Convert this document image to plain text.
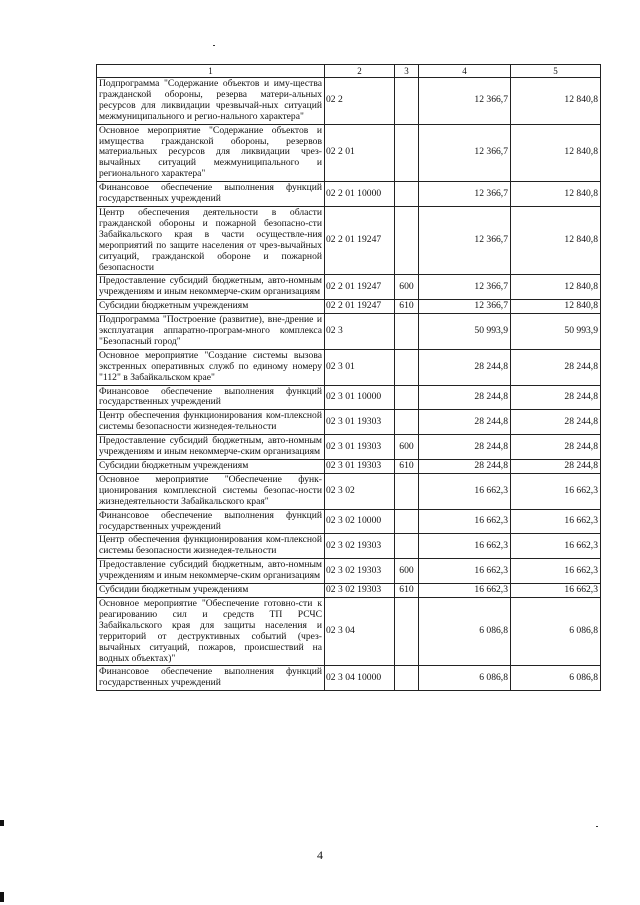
1	2	3	4	5
Подпрограмма "Содержание объектов и иму-щества гражданской обороны, резерва матери-альных ресурсов для ликвидации чрезвычай-ных ситуаций межмуниципального и регио-нального характера"	02 2		12 366,7	12 840,8
Основное мероприятие "Содержание объектов и имущества гражданской обороны, резервов материальных ресурсов для ликвидации чрез-вычайных ситуаций межмуниципального и регионального характера"	02 2 01		12 366,7	12 840,8
Финансовое обеспечение выполнения функций государственных учреждений	02 2 01 10000		12 366,7	12 840,8
Центр обеспечения деятельности в области гражданской обороны и пожарной безопасно-сти Забайкальского края в части осуществле-ния мероприятий по защите населения от чрез-вычайных ситуаций, гражданской обороне и пожарной безопасности	02 2 01 19247		12 366,7	12 840,8
Предоставление субсидий бюджетным, авто-номным учреждениям и иным некоммерче-ским организациям	02 2 01 19247	600	12 366,7	12 840,8
Субсидии бюджетным учреждениям	02 2 01 19247	610	12 366,7	12 840,8
Подпрограмма "Построение (развитие), вне-дрение и эксплуатация аппаратно-програм-много комплекса "Безопасный город"	02 3		50 993,9	50 993,9
Основное мероприятие "Создание системы вызова экстренных оперативных служб по единому номеру "112" в Забайкальском крае"	02 3 01		28 244,8	28 244,8
Финансовое обеспечение выполнения функций государственных учреждений	02 3 01 10000		28 244,8	28 244,8
Центр обеспечения функционирования ком-плексной системы безопасности жизнедея-тельности	02 3 01 19303		28 244,8	28 244,8
Предоставление субсидий бюджетным, авто-номным учреждениям и иным некоммерче-ским организациям	02 3 01 19303	600	28 244,8	28 244,8
Субсидии бюджетным учреждениям	02 3 01 19303	610	28 244,8	28 244,8
Основное мероприятие "Обеспечение функ-ционирования комплексной системы безопас-ности жизнедеятельности Забайкальского края"	02 3 02		16 662,3	16 662,3
Финансовое обеспечение выполнения функций государственных учреждений	02 3 02 10000		16 662,3	16 662,3
Центр обеспечения функционирования ком-плексной системы безопасности жизнедея-тельности	02 3 02 19303		16 662,3	16 662,3
Предоставление субсидий бюджетным, авто-номным учреждениям и иным некоммерче-ским организациям	02 3 02 19303	600	16 662,3	16 662,3
Субсидии бюджетным учреждениям	02 3 02 19303	610	16 662,3	16 662,3
Основное мероприятие "Обеспечение готовно-сти к реагированию сил и средств ТП РСЧС Забайкальского края для защиты населения и территорий от деструктивных событий (чрез-вычайных ситуаций, пожаров, происшествий на водных объектах)"	02 3 04		6 086,8	6 086,8
Финансовое обеспечение выполнения функций государственных учреждений	02 3 04 10000		6 086,8	6 086,8
4
